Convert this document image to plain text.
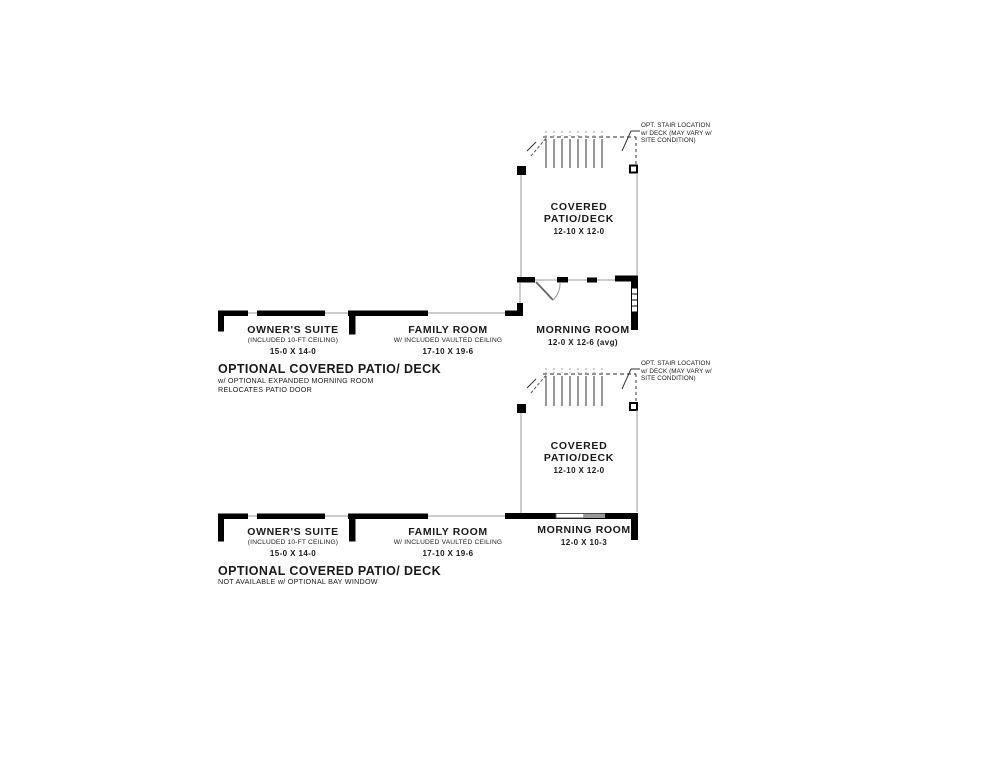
OPT. STAIR LOCATION
w/ DECK (MAY VARY w/
SITE CONDITION)
COVERED
PATIO/DECK
12-10 X 12-0
OWNER'S SUITE
(INCLUDED 10-FT CEILING)
15-0 X 14-0
FAMILY ROOM
W/ INCLUDED VAULTED CEILING
17-10 X 19-6
MORNING ROOM
12-0 X 12-6 (avg)
OPTIONAL COVERED PATIO/ DECK
w/ OPTIONAL EXPANDED MORNING ROOM
RELOCATES PATIO DOOR
OPT. STAIR LOCATION
w/ DECK (MAY VARY w/
SITE CONDITION)
COVERED
PATIO/DECK
12-10 X 12-0
OWNER'S SUITE
(INCLUDED 10-FT CEILING)
15-0 X 14-0
FAMILY ROOM
W/ INCLUDED VAULTED CEILING
17-10 X 19-6
MORNING ROOM
12-0 X 10-3
OPTIONAL COVERED PATIO/ DECK
NOT AVAILABLE w/ OPTIONAL BAY WINDOW
